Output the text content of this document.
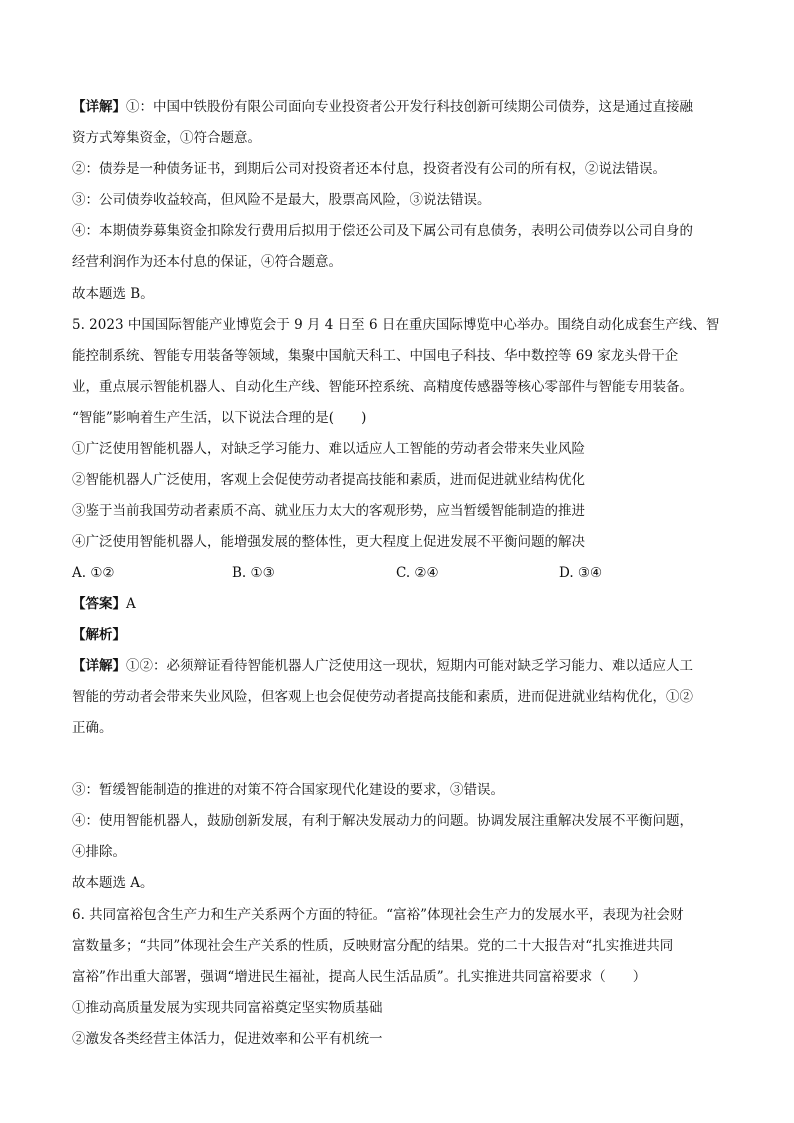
【详解】①：中国中铁股份有限公司面向专业投资者公开发行科技创新可续期公司债券，这是通过直接融
资方式筹集资金，①符合题意。
②：债券是一种债务证书，到期后公司对投资者还本付息，投资者没有公司的所有权，②说法错误。
③：公司债券收益较高，但风险不是最大，股票高风险，③说法错误。
④：本期债券募集资金扣除发行费用后拟用于偿还公司及下属公司有息债务，表明公司债券以公司自身的
经营利润作为还本付息的保证，④符合题意。
故本题选 B。
5. 2023 中国国际智能产业博览会于 9 月 4 日至 6 日在重庆国际博览中心举办。围绕自动化成套生产线、智
能控制系统、智能专用装备等领域，集聚中国航天科工、中国电子科技、华中数控等 69 家龙头骨干企
业，重点展示智能机器人、自动化生产线、智能环控系统、高精度传感器等核心零部件与智能专用装备。
“智能”影响着生产生活，以下说法合理的是(　　)
①广泛使用智能机器人，对缺乏学习能力、难以适应人工智能的劳动者会带来失业风险
②智能机器人广泛使用，客观上会促使劳动者提高技能和素质，进而促进就业结构优化
③鉴于当前我国劳动者素质不高、就业压力太大的客观形势，应当暂缓智能制造的推进
④广泛使用智能机器人，能增强发展的整体性，更大程度上促进发展不平衡问题的解决
A. ①②	B. ①③	C. ②④	D. ③④
【答案】A
【解析】
【详解】①②：必须辩证看待智能机器人广泛使用这一现状，短期内可能对缺乏学习能力、难以适应人工
智能的劳动者会带来失业风险，但客观上也会促使劳动者提高技能和素质，进而促进就业结构优化，①②
正确。
③：暂缓智能制造的推进的对策不符合国家现代化建设的要求，③错误。
④：使用智能机器人，鼓励创新发展，有利于解决发展动力的问题。协调发展注重解决发展不平衡问题，
④排除。
故本题选 A。
6. 共同富裕包含生产力和生产关系两个方面的特征。“富裕”体现社会生产力的发展水平，表现为社会财
富数量多；“共同”体现社会生产关系的性质，反映财富分配的结果。党的二十大报告对“扎实推进共同
富裕”作出重大部署，强调“增进民生福祉，提高人民生活品质”。扎实推进共同富裕要求（　　）
①推动高质量发展为实现共同富裕奠定坚实物质基础
②激发各类经营主体活力，促进效率和公平有机统一
